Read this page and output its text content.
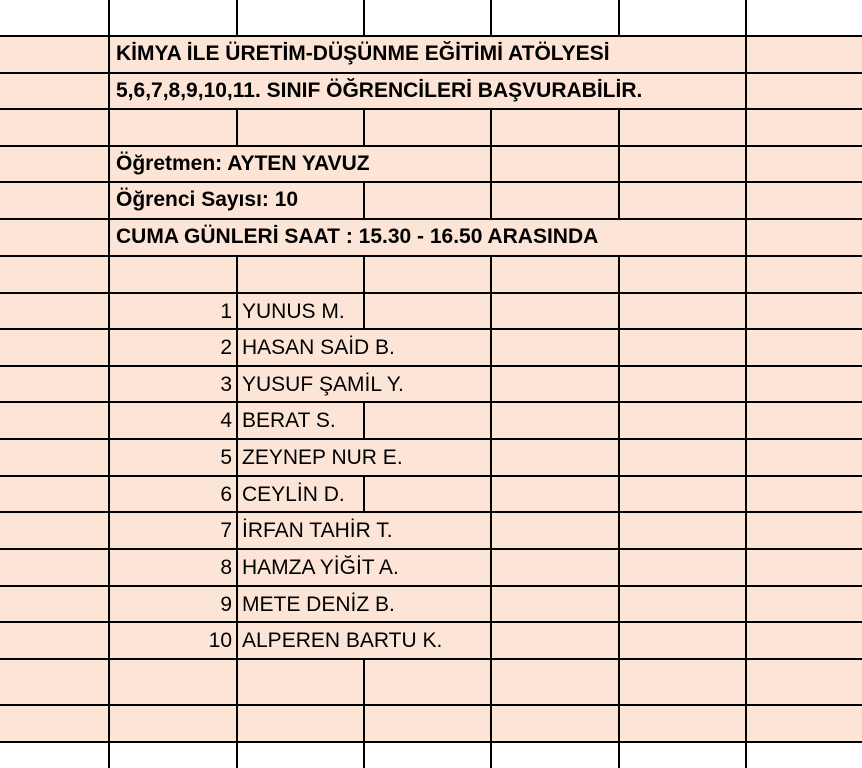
KİMYA İLE ÜRETİM-DÜŞÜNME EĞİTİMİ ATÖLYESİ
5,6,7,8,9,10,11. SINIF ÖĞRENCİLERİ BAŞVURABİLİR.
Öğretmen: AYTEN YAVUZ
Öğrenci Sayısı: 10
CUMA GÜNLERİ SAAT : 15.30 - 16.50 ARASINDA
1 YUNUS M.
2 HASAN SAİD B.
3 YUSUF ŞAMİL Y.
4 BERAT S.
5 ZEYNEP NUR E.
6 CEYLİN D.
7 İRFAN TAHİR T.
8 HAMZA YİĞİT A.
9 METE DENİZ B.
10 ALPEREN BARTU K.
